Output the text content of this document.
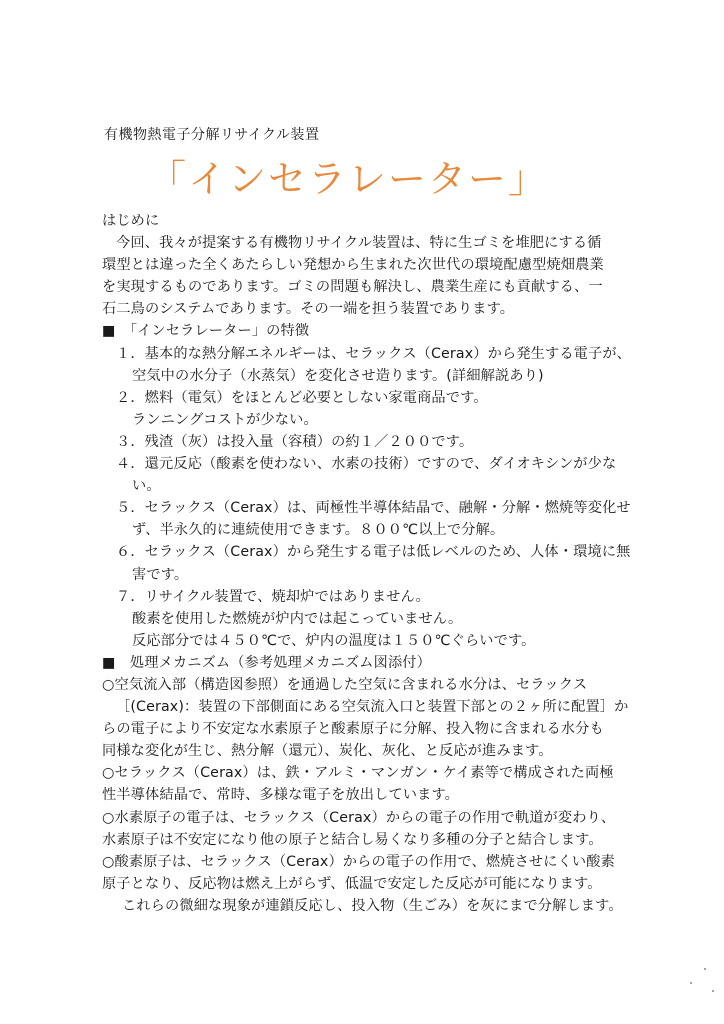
有機物熱電子分解リサイクル装置
「インセラレーター」
はじめに
今回、我々が提案する有機物リサイクル装置は、特に生ゴミを堆肥にする循
環型とは違った全くあたらしい発想から生まれた次世代の環境配慮型焼畑農業
を実現するものであります。ゴミの問題も解決し、農業生産にも貢献する、一
石二鳥のシステムであります。その一端を担う装置であります。
■　「インセラレーター」の特徴
１．基本的な熱分解エネルギーは、セラックス（Cerax）から発生する電子が、
空気中の水分子（水蒸気）を変化させ造ります。(詳細解説あり)
２．燃料（電気）をほとんど必要としない家電商品です。
ランニングコストが少ない。
３．残渣（灰）は投入量（容積）の約１／２００です。
４．還元反応（酸素を使わない、水素の技術）ですので、ダイオキシンが少な
い。
５．セラックス（Cerax）は、両極性半導体結晶で、融解・分解・燃焼等変化せ
ず、半永久的に連続使用できます。８００℃以上で分解。
６．セラックス（Cerax）から発生する電子は低レベルのため、人体・環境に無
害です。
７．リサイクル装置で、焼却炉ではありません。
酸素を使用した燃焼が炉内では起こっていません。
反応部分では４５０℃で、炉内の温度は１５０℃ぐらいです。
■　処理メカニズム（参考処理メカニズム図添付）
○空気流入部（構造図参照）を通過した空気に含まれる水分は、セラックス
［(Cerax)：装置の下部側面にある空気流入口と装置下部との２ヶ所に配置］か
らの電子により不安定な水素原子と酸素原子に分解、投入物に含まれる水分も
同様な変化が生じ、熱分解（還元）、炭化、灰化、と反応が進みます。
○セラックス（Cerax）は、鉄・アルミ・マンガン・ケイ素等で構成された両極
性半導体結晶で、常時、多様な電子を放出しています。
○水素原子の電子は、セラックス（Cerax）からの電子の作用で軌道が変わり、
水素原子は不安定になり他の原子と結合し易くなり多種の分子と結合します。
○酸素原子は、セラックス（Cerax）からの電子の作用で、燃焼させにくい酸素
原子となり、反応物は燃え上がらず、低温で安定した反応が可能になります。
これらの微細な現象が連鎖反応し、投入物（生ごみ）を灰にまで分解します。
